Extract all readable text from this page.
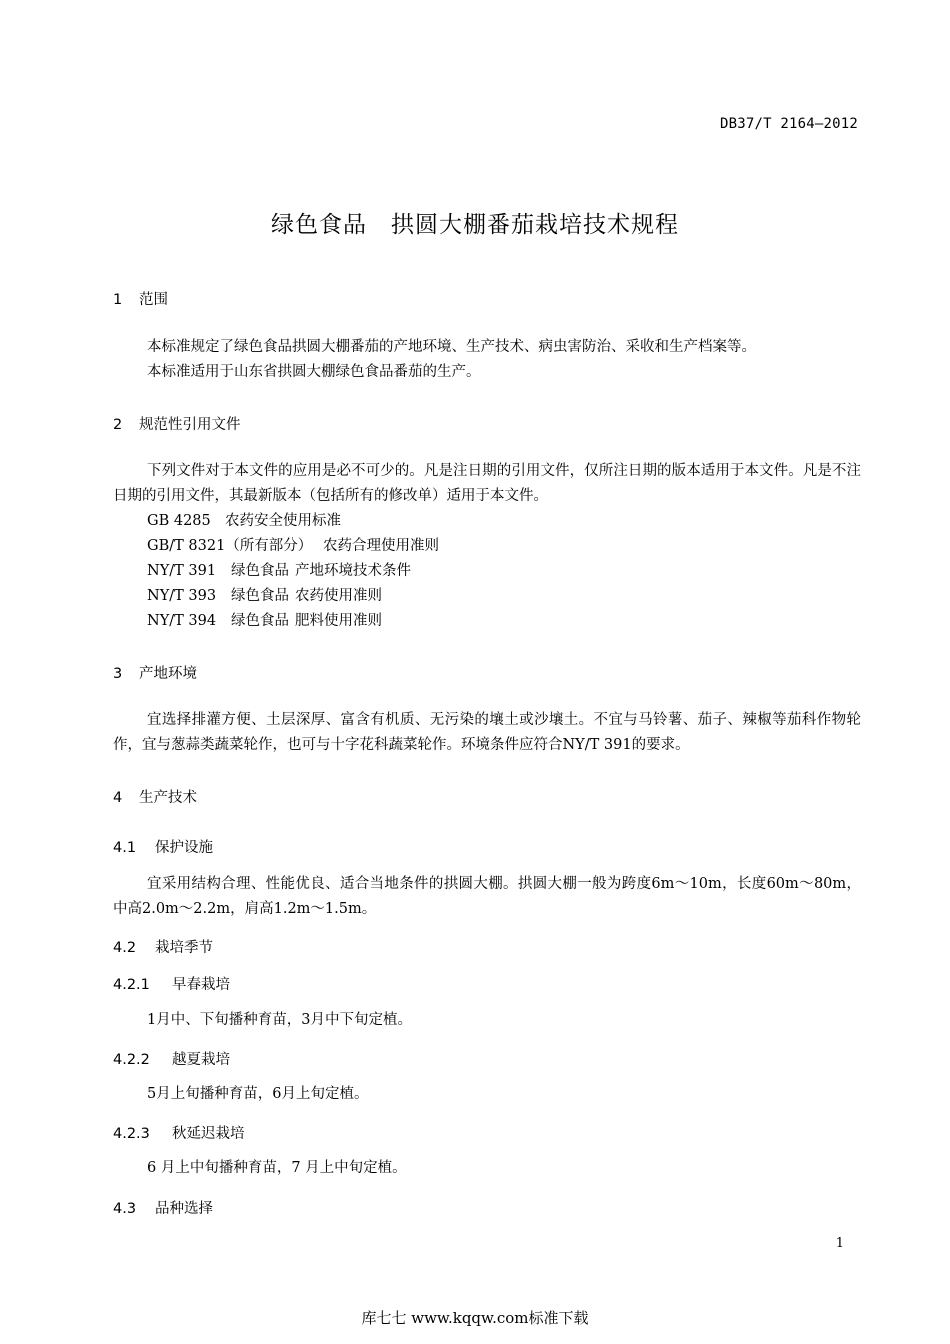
DB37/T 2164—2012
绿色食品　拱圆大棚番茄栽培技术规程
1 范围
本标准规定了绿色食品拱圆大棚番茄的产地环境、生产技术、病虫害防治、采收和生产档案等。
本标准适用于山东省拱圆大棚绿色食品番茄的生产。
2 规范性引用文件
下列文件对于本文件的应用是必不可少的。凡是注日期的引用文件，仅所注日期的版本适用于本文件。凡是不注日期的引用文件，其最新版本（包括所有的修改单）适用于本文件。
GB 4285 农药安全使用标准
GB/T 8321（所有部分） 农药合理使用准则
NY/T 391 绿色食品 产地环境技术条件
NY/T 393 绿色食品 农药使用准则
NY/T 394 绿色食品 肥料使用准则
3 产地环境
宜选择排灌方便、土层深厚、富含有机质、无污染的壤土或沙壤土。不宜与马铃薯、茄子、辣椒等茄科作物轮作，宜与葱蒜类蔬菜轮作，也可与十字花科蔬菜轮作。环境条件应符合NY/T 391的要求。
4 生产技术
4.1 保护设施
宜采用结构合理、性能优良、适合当地条件的拱圆大棚。拱圆大棚一般为跨度6m～10m，长度60m～80m，中高2.0m～2.2m，肩高1.2m～1.5m。
4.2 栽培季节
4.2.1 早春栽培
1月中、下旬播种育苗，3月中下旬定植。
4.2.2 越夏栽培
5月上旬播种育苗，6月上旬定植。
4.2.3 秋延迟栽培
6 月上中旬播种育苗，7 月上中旬定植。
4.3 品种选择
1
库七七 www.kqqw.com标准下载
